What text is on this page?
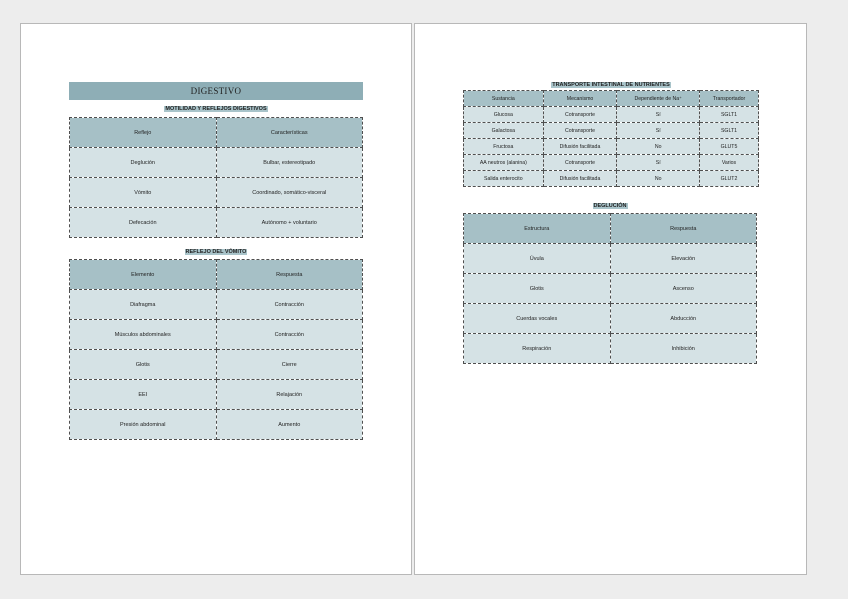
DIGESTIVO
MOTILIDAD Y REFLEJOS DIGESTIVOS
Reflejo	Características
Deglución	Bulbar, estereotipado
Vómito	Coordinado, somático-visceral
Defecación	Autónomo + voluntario
REFLEJO DEL VÓMITO
Elemento	Respuesta
Diafragma	Contracción
Músculos abdominales	Contracción
Glotis	Cierre
EEI	Relajación
Presión abdominal	Aumento
TRANSPORTE INTESTINAL DE NUTRIENTES
Sustancia	Mecanismo	Dependiente de Na⁺	Transportador
Glucosa	Cotransporte	Sí	SGLT1
Galactosa	Cotransporte	Sí	SGLT1
Fructosa	Difusión facilitada	No	GLUT5
AA neutros (alanina)	Cotransporte	Sí	Varios
Salida enterocito	Difusión facilitada	No	GLUT2
DEGLUCIÓN
Estructura	Respuesta
Úvula	Elevación
Glotis	Ascenso
Cuerdas vocales	Abducción
Respiración	Inhibición
